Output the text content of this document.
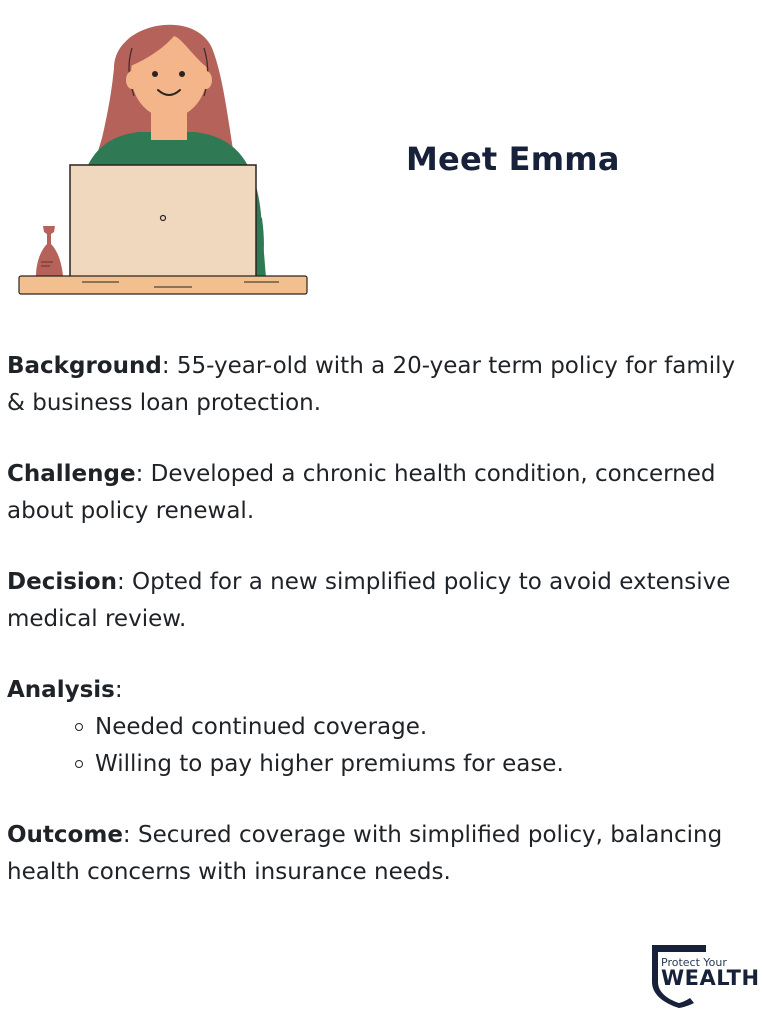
Meet Emma

Background: 55-year-old with a 20-year term policy for family & business loan protection.

Challenge: Developed a chronic health condition, concerned about policy renewal.

Decision: Opted for a new simplified policy to avoid extensive medical review.

Analysis:
Needed continued coverage.
Willing to pay higher premiums for ease.

Outcome: Secured coverage with simplified policy, balancing health concerns with insurance needs.

Protect Your
WEALTH
